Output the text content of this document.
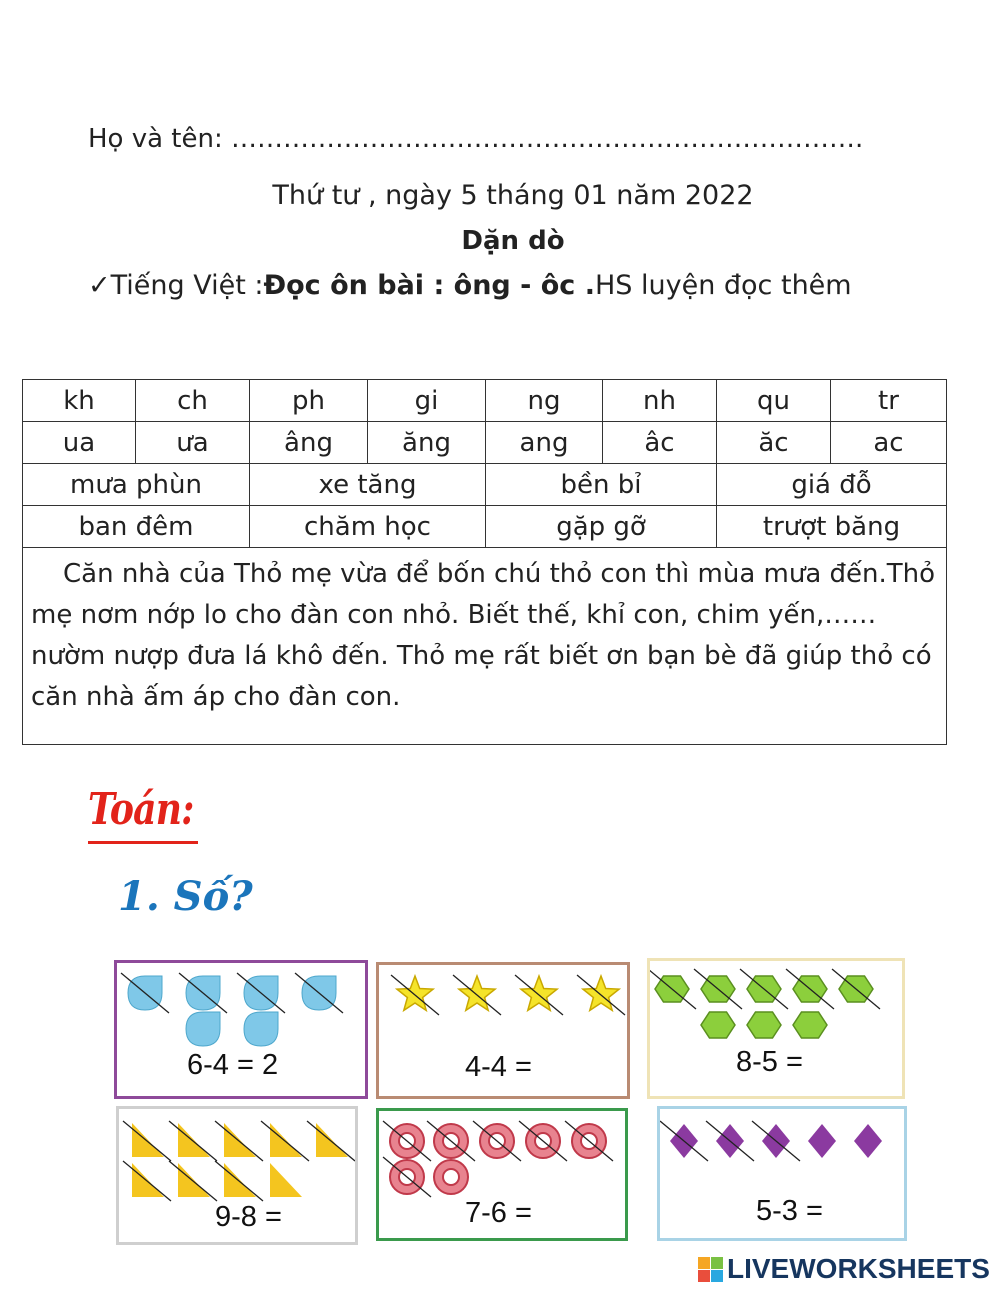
Họ và tên: ……………………………………………………………….
Thứ tư , ngày 5 tháng 01 năm 2022
Dặn dò
✓Tiếng Việt :Đọc ôn bài : ông - ôc .HS luyện đọc thêm
kh	ch	ph	gi	ng	nh	qu	tr
ua	ưa	âng	ăng	ang	âc	ăc	ac
mưa phùn		xe tăng		bền bỉ		giá đỗ	
ban đêm		chăm học		gặp gỡ		trượt băng	
Căn nhà của Thỏ mẹ vừa để bốn chú thỏ con thì mùa mưa đến.Thỏ mẹ nơm nớp lo cho đàn con nhỏ. Biết thế, khỉ con, chim yến,…… nườm nượp đưa lá khô đến. Thỏ mẹ rất biết ơn bạn bè đã giúp thỏ có căn nhà ấm áp cho đàn con.							
Toán:
1. Số?
6-4 = 2	4-4 =	8-5 =
9-8 =	7-6 =	5-3 =
LIVEWORKSHEETS
